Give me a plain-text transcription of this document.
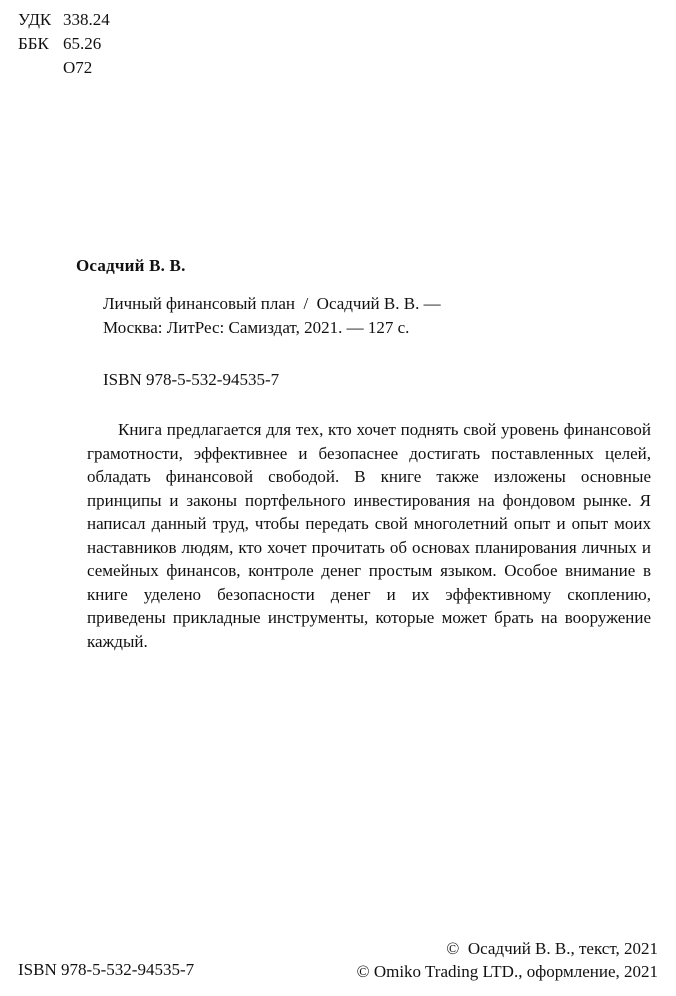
УДК 338.24
ББК 65.26
О72
Осадчий В. В.
Личный финансовый план  /  Осадчий В. В. —
Москва: ЛитРес: Самиздат, 2021. — 127 с.
ISBN 978-5-532-94535-7

Книга предлагается для тех, кто хочет поднять свой уровень финансовой грамотности, эффективнее и безопаснее достигать поставленных целей, обладать финансовой свободой. В книге также изложены основные принципы и законы портфельного инвестирования на фондовом рынке. Я написал данный труд, чтобы передать свой многолетний опыт и опыт моих наставников людям, кто хочет прочитать об основах планирования личных и семейных финансов, контроле денег простым языком. Особое внимание в книге уделено безопасности денег и их эффективному скоплению, приведены прикладные инструменты, которые может брать на вооружение каждый.

ISBN 978-5-532-94535-7
©  Осадчий В. В., текст, 2021
© Omiko Trading LTD., оформление, 2021
